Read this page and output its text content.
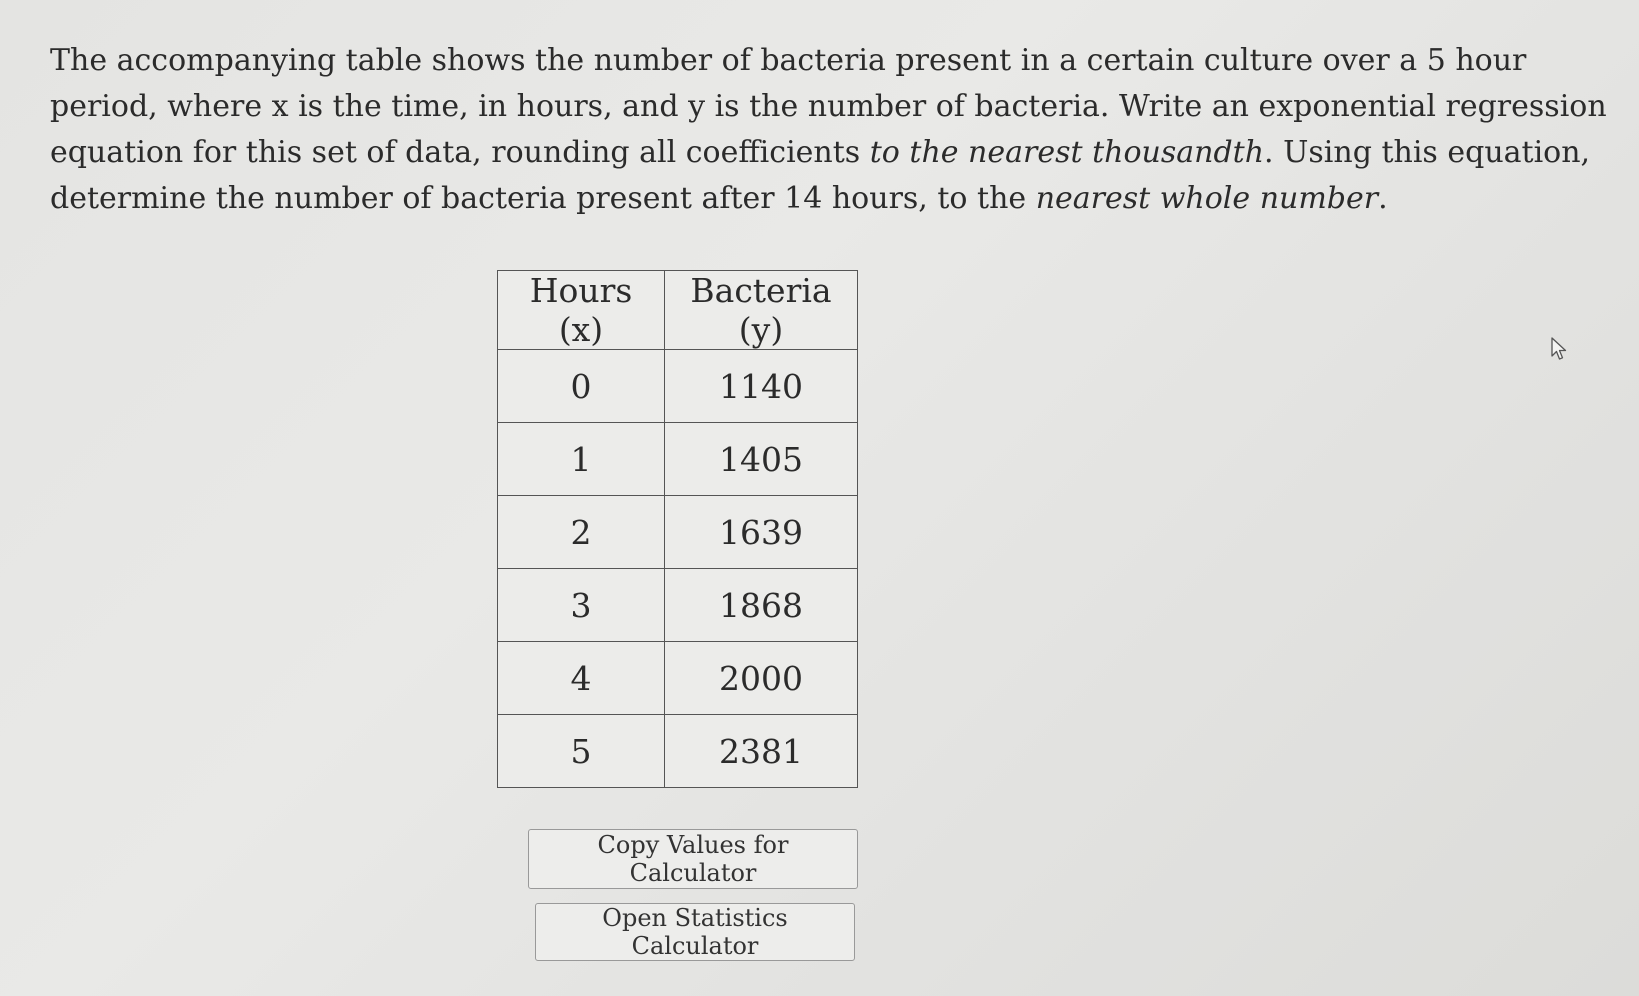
The accompanying table shows the number of bacteria present in a certain culture over a 5 hour period, where x is the time, in hours, and y is the number of bacteria. Write an exponential regression equation for this set of data, rounding all coefficients to the nearest thousandth. Using this equation, determine the number of bacteria present after 14 hours, to the nearest whole number.

Hours (x)	Bacteria (y)
0	1140
1	1405
2	1639
3	1868
4	2000
5	2381
Copy Values for Calculator
Open Statistics Calculator
